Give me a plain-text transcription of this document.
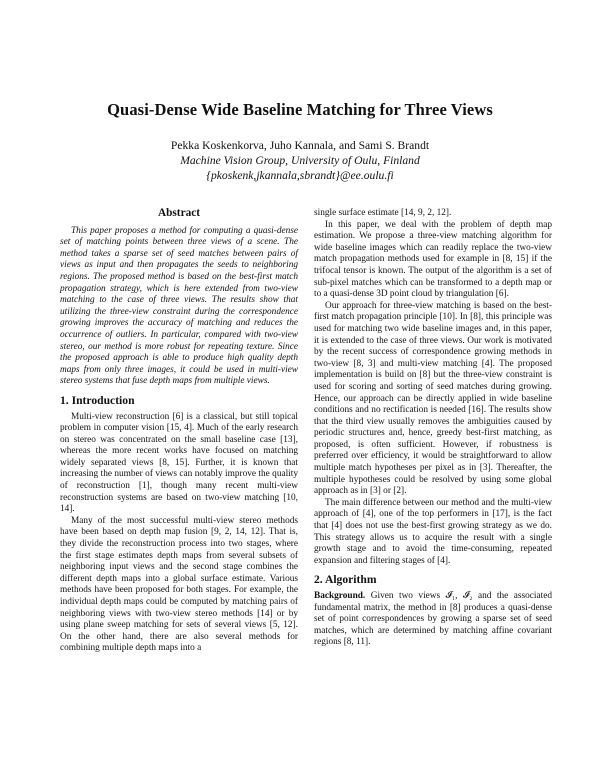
Quasi-Dense Wide Baseline Matching for Three Views
Pekka Koskenkorva, Juho Kannala, and Sami S. Brandt
Machine Vision Group, University of Oulu, Finland
{pkoskenk,jkannala,sbrandt}@ee.oulu.fi
Abstract

This paper proposes a method for computing a quasi-dense set of matching points between three views of a scene. The method takes a sparse set of seed matches between pairs of views as input and then propagates the seeds to neighboring regions. The proposed method is based on the best-first match propagation strategy, which is here extended from two-view matching to the case of three views. The results show that utilizing the three-view constraint during the correspondence growing improves the accuracy of matching and reduces the occurrence of outliers. In particular, compared with two-view stereo, our method is more robust for repeating texture. Since the proposed approach is able to produce high quality depth maps from only three images, it could be used in multi-view stereo systems that fuse depth maps from multiple views.

1. Introduction

Multi-view reconstruction [6] is a classical, but still topical problem in computer vision [15, 4]. Much of the early research on stereo was concentrated on the small baseline case [13], whereas the more recent works have focused on matching widely separated views [8, 15]. Further, it is known that increasing the number of views can notably improve the quality of reconstruction [1], though many recent multi-view reconstruction systems are based on two-view matching [10, 14].

Many of the most successful multi-view stereo methods have been based on depth map fusion [9, 2, 14, 12]. That is, they divide the reconstruction process into two stages, where the first stage estimates depth maps from several subsets of neighboring input views and the second stage combines the different depth maps into a global surface estimate. Various methods have been proposed for both stages. For example, the individual depth maps could be computed by matching pairs of neighboring views with two-view stereo methods [14] or by using plane sweep matching for sets of several views [5, 12]. On the other hand, there are also several methods for combining multiple depth maps into a

single surface estimate [14, 9, 2, 12].

In this paper, we deal with the problem of depth map estimation. We propose a three-view matching algorithm for wide baseline images which can readily replace the two-view match propagation methods used for example in [8, 15] if the trifocal tensor is known. The output of the algorithm is a set of sub-pixel matches which can be transformed to a depth map or to a quasi-dense 3D point cloud by triangulation [6].

Our approach for three-view matching is based on the best-first match propagation principle [10]. In [8], this principle was used for matching two wide baseline images and, in this paper, it is extended to the case of three views. Our work is motivated by the recent success of correspondence growing methods in two-view [8, 3] and multi-view matching [4]. The proposed implementation is build on [8] but the three-view constraint is used for scoring and sorting of seed matches during growing. Hence, our approach can be directly applied in wide baseline conditions and no rectification is needed [16]. The results show that the third view usually removes the ambiguities caused by periodic structures and, hence, greedy best-first matching, as proposed, is often sufficient. However, if robustness is preferred over efficiency, it would be straightforward to allow multiple match hypotheses per pixel as in [3]. Thereafter, the multiple hypotheses could be resolved by using some global approach as in [3] or [2].

The main difference between our method and the multi-view approach of [4], one of the top performers in [17], is the fact that [4] does not use the best-first growing strategy as we do. This strategy allows us to acquire the result with a single growth stage and to avoid the time-consuming, repeated expansion and filtering stages of [4].

2. Algorithm

Background. Given two views 𝓘₁, 𝓘₂ and the associated fundamental matrix, the method in [8] produces a quasi-dense set of point correspondences by growing a sparse set of seed matches, which are determined by matching affine covariant regions [8, 11].
